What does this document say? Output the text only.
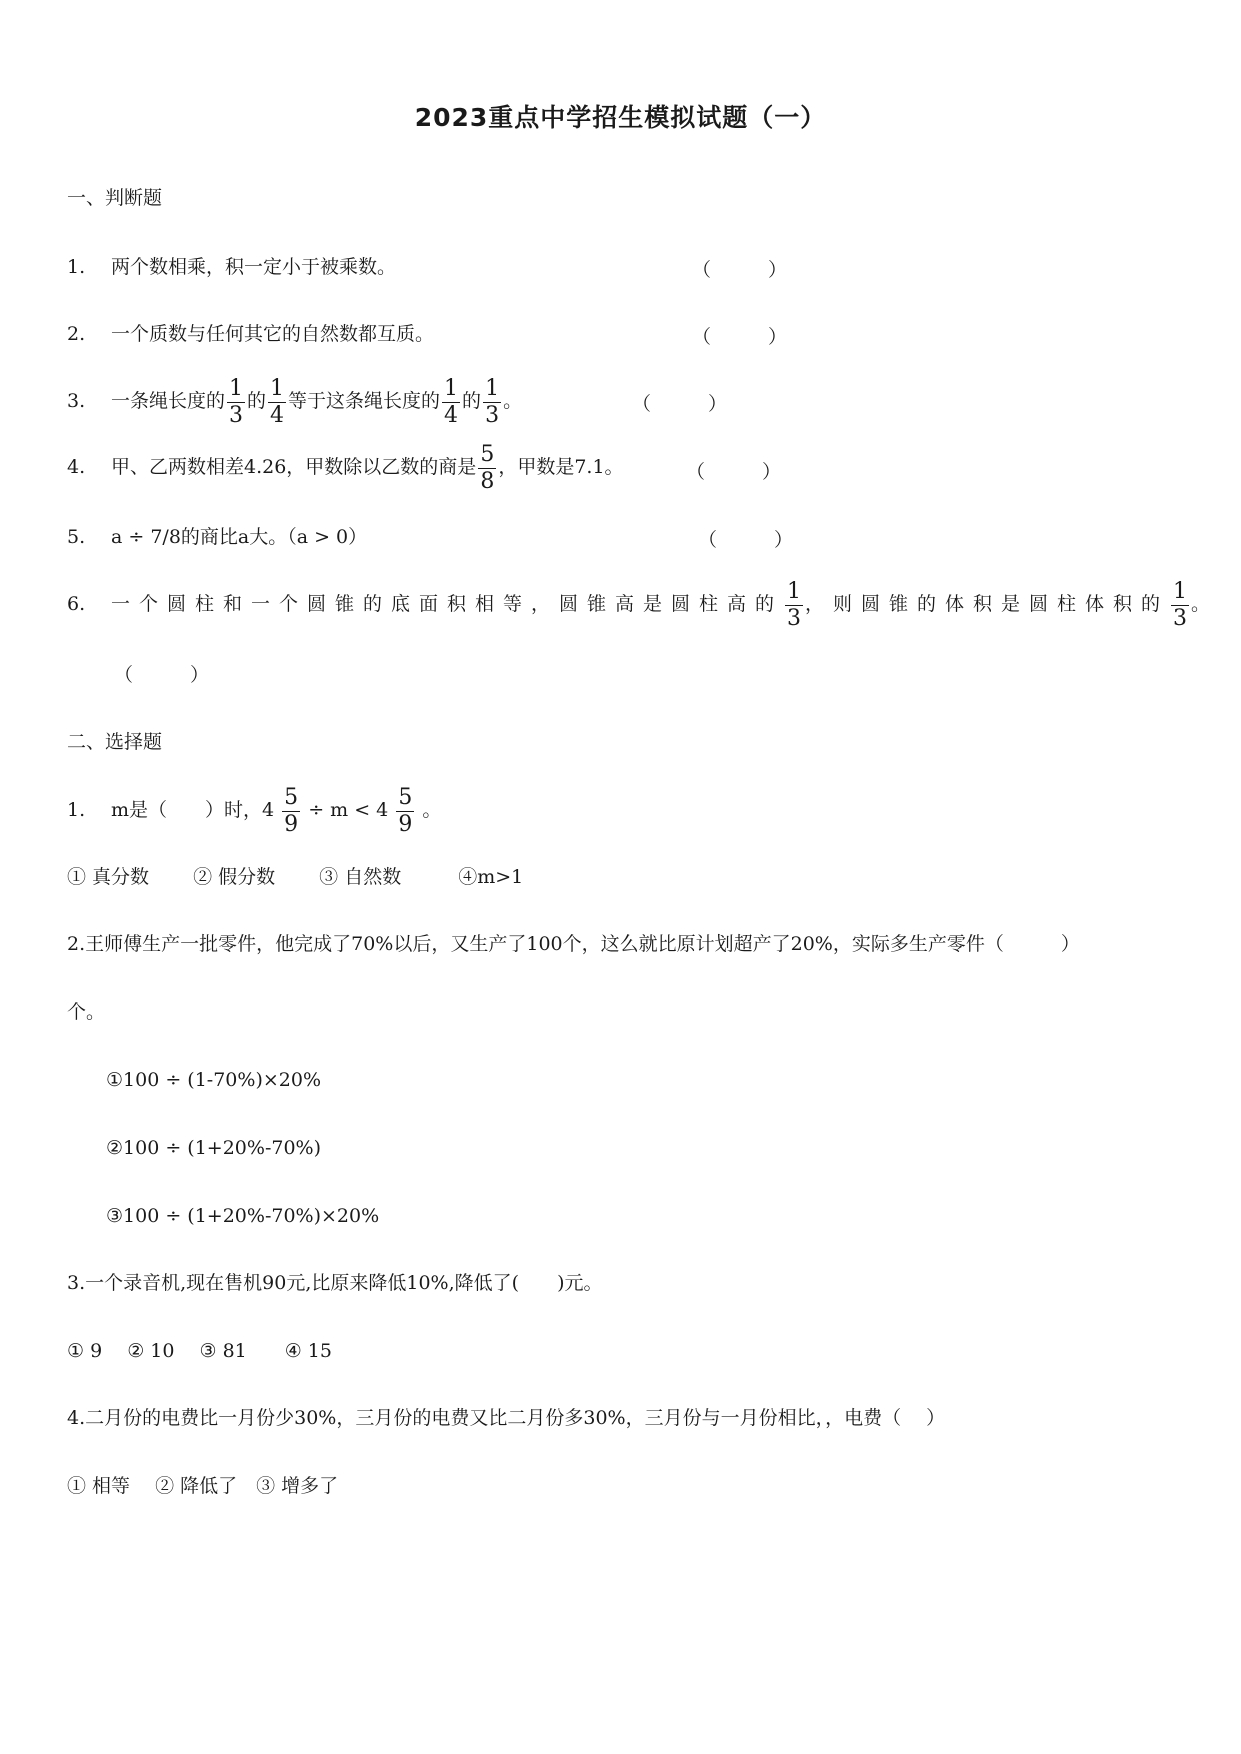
2023重点中学招生模拟试题（一）
一、判断题
1. 两个数相乘，积一定小于被乘数。	（　　　）
2. 一个质数与任何其它的自然数都互质。	（　　　）
3. 一条绳长度的 $\frac{1}{3}$ 的 $\frac{1}{4}$ 等于这条绳长度的 $\frac{1}{4}$ 的 $\frac{1}{3}$ 。	（　　　）
4. 甲、乙两数相差4.26，甲数除以乙数的商是 $\frac{5}{8}$ ，甲数是7.1。	（　　　）
5. a ÷ 7/8的商比a大。（a > 0）	（　　　）
6. 一个圆柱和一个圆锥的底面积相等，圆锥高是圆柱高的 $\frac{1}{3}$ ，则圆锥的体积是圆柱体积的 $\frac{1}{3}$ 。
（　　　）
二、选择题
1. m是（　　）时，$4 \frac{5}{9} \div m < 4 \frac{5}{9}$ 。
① 真分数　　 ② 假分数　　 ③ 自然数　　　④m>1
2.王师傅生产一批零件，他完成了70%以后，又生产了100个，这么就比原计划超产了20%，实际多生产零件（　　　）
个。
①100 ÷ (1-70%)×20%
②100 ÷ (1+20%-70%)
③100 ÷ (1+20%-70%)×20%
3.一个录音机,现在售机90元,比原来降低10%,降低了(　　)元。
① 9　 ② 10　 ③ 81　　④ 15
4.二月份的电费比一月份少30%，三月份的电费又比二月份多30%，三月份与一月份相比，，电费（　 ）
① 相等　 ② 降低了　③ 增多了
